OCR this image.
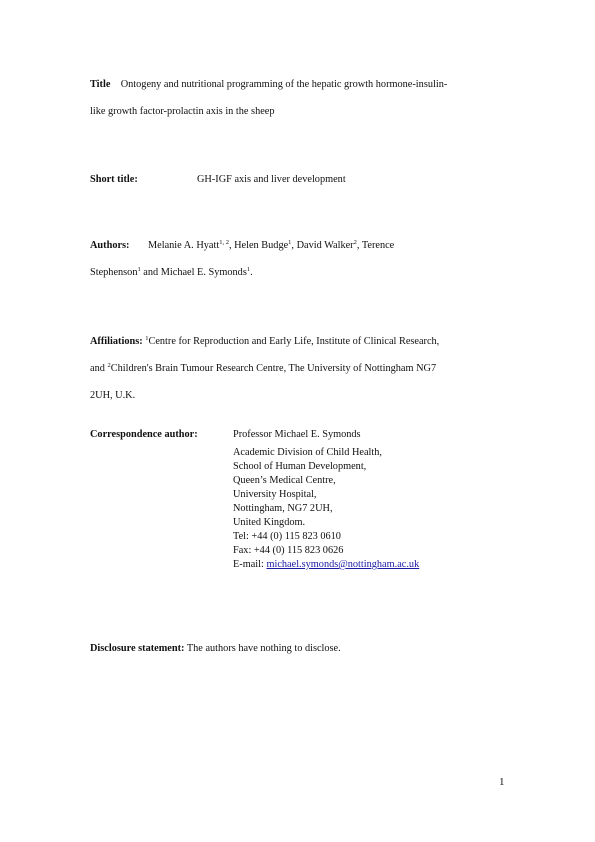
Title Ontogeny and nutritional programming of the hepatic growth hormone-insulin-
like growth factor-prolactin axis in the sheep
Short title:	GH-IGF axis and liver development
Authors: Melanie A. Hyatt$^{1, 2}$, Helen Budge$^1$, David Walker$^2$, Terence
Stephenson$^1$ and Michael E. Symonds$^1$.
Affiliations: $^1$Centre for Reproduction and Early Life, Institute of Clinical Research,
and $^2$Children's Brain Tumour Research Centre, The University of Nottingham NG7
2UH, U.K.
Correspondence author:	Professor Michael E. Symonds
Academic Division of Child Health,
School of Human Development,
Queen’s Medical Centre,
University Hospital,
Nottingham, NG7 2UH,
United Kingdom.
Tel: +44 (0) 115 823 0610
Fax: +44 (0) 115 823 0626
E-mail: michael.symonds@nottingham.ac.uk
Disclosure statement: The authors have nothing to disclose.
1
